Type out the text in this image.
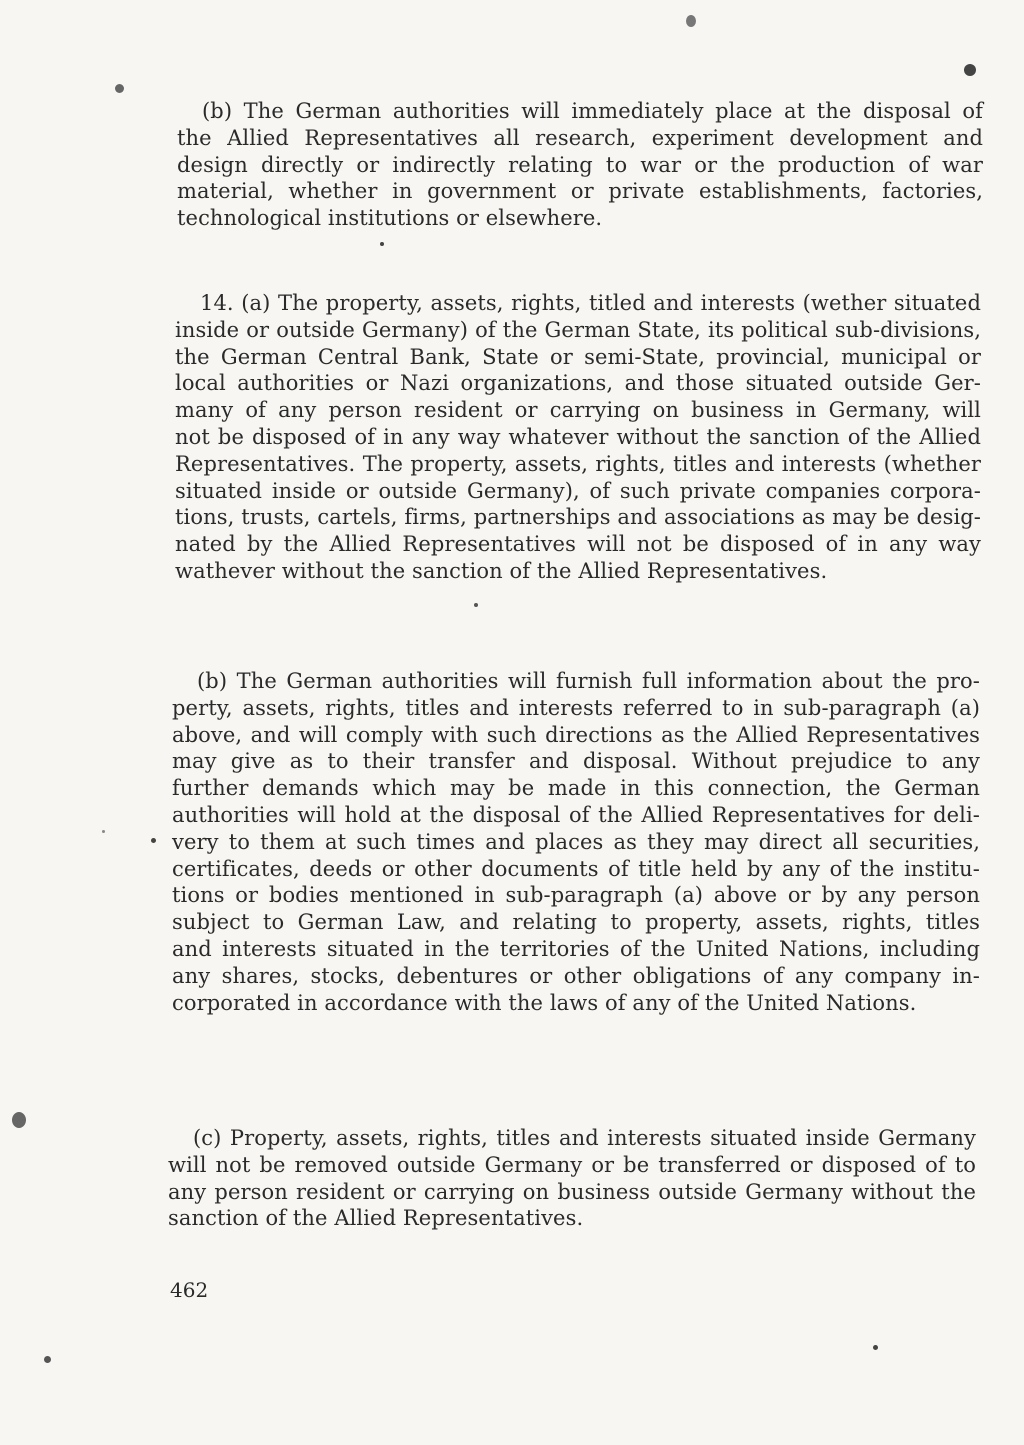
(b) The German authorities will immediately place at the disposal of
the Allied Representatives all research, experiment development and
design directly or indirectly relating to war or the production of war
material, whether in government or private establishments, factories,
technological institutions or elsewhere.
14. (a) The property, assets, rights, titled and interests (wether situated
inside or outside Germany) of the German State, its political sub-divisions,
the German Central Bank, State or semi-State, provincial, municipal or
local authorities or Nazi organizations, and those situated outside Ger-
many of any person resident or carrying on business in Germany, will
not be disposed of in any way whatever without the sanction of the Allied
Representatives. The property, assets, rights, titles and interests (whether
situated inside or outside Germany), of such private companies corpora-
tions, trusts, cartels, firms, partnerships and associations as may be desig-
nated by the Allied Representatives will not be disposed of in any way
wathever without the sanction of the Allied Representatives.
(b) The German authorities will furnish full information about the pro-
perty, assets, rights, titles and interests referred to in sub-paragraph (a)
above, and will comply with such directions as the Allied Representatives
may give as to their transfer and disposal. Without prejudice to any
further demands which may be made in this connection, the German
authorities will hold at the disposal of the Allied Representatives for deli-
very to them at such times and places as they may direct all securities,
certificates, deeds or other documents of title held by any of the institu-
tions or bodies mentioned in sub-paragraph (a) above or by any person
subject to German Law, and relating to property, assets, rights, titles
and interests situated in the territories of the United Nations, including
any shares, stocks, debentures or other obligations of any company in-
corporated in accordance with the laws of any of the United Nations.
(c) Property, assets, rights, titles and interests situated inside Germany
will not be removed outside Germany or be transferred or disposed of to
any person resident or carrying on business outside Germany without the
sanction of the Allied Representatives.
462
